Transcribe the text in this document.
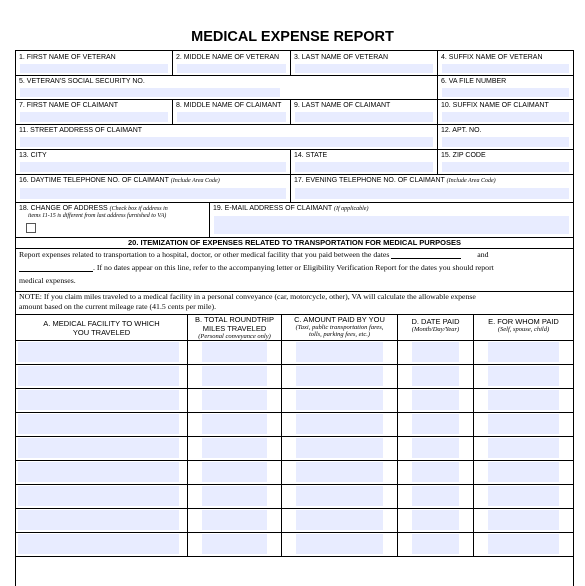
MEDICAL EXPENSE REPORT
1. FIRST NAME OF VETERAN	2. MIDDLE NAME OF VETERAN 3. LAST NAME OF VETERAN	4. SUFFIX NAME OF VETERAN
5. VETERAN'S SOCIAL SECURITY NO.	6. VA FILE NUMBER
7. FIRST NAME OF CLAIMANT	8. MIDDLE NAME OF CLAIMANT 9. LAST NAME OF CLAIMANT	10. SUFFIX NAME OF CLAIMANT
11. STREET ADDRESS OF CLAIMANT	12. APT. NO.
13. CITY	14. STATE	15. ZIP CODE
16. DAYTIME TELEPHONE NO. OF CLAIMANT (Include Area Code)	17. EVENING TELEPHONE NO. OF CLAIMANT (Include Area Code)
18. CHANGE OF ADDRESS (Check box if address in
items 11-15 is different from last address furnished to VA)
19. E-MAIL ADDRESS OF CLAIMANT (If applicable)
20. ITEMIZATION OF EXPENSES RELATED TO TRANSPORTATION FOR MEDICAL PURPOSES
Report expenses related to transportation to a hospital, doctor, or other medical facility that you paid between the dates	and
. If no dates appear on this line, refer to the accompanying letter or Eligibility Verification Report for the dates you should report
medical expenses.
NOTE: If you claim miles traveled to a medical facility in a personal conveyance (car, motorcycle, other), VA will calculate the allowable expense
amount based on the current mileage rate (41.5 cents per mile).
A. MEDICAL FACILITY TO WHICH
YOU TRAVELED
B. TOTAL ROUNDTRIP
MILES TRAVELED
(Personal conveyance only)
C. AMOUNT PAID BY YOU
(Taxi, public transportation fares,
tolls, parking fees, etc.)
D. DATE PAID
(Month/Day/Year)
E. FOR WHOM PAID
(Self, spouse, child)
